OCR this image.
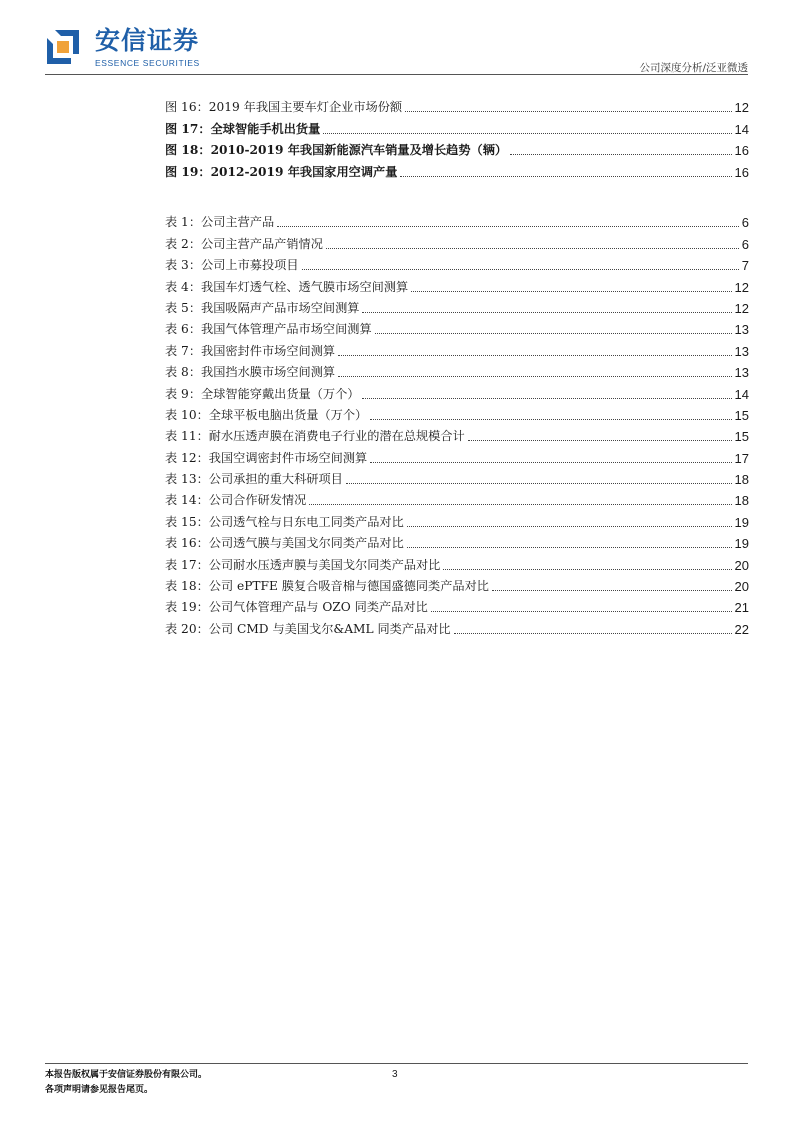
安信证券
ESSENCE SECURITIES	公司深度分析/泛亚微透
图 16：2019 年我国主要车灯企业市场份额	12
图 17：全球智能手机出货量	14
图 18：2010-2019 年我国新能源汽车销量及增长趋势（辆）	16
图 19：2012-2019 年我国家用空调产量	16
表 1：公司主营产品	6
表 2：公司主营产品产销情况	6
表 3：公司上市募投项目	7
表 4：我国车灯透气栓、透气膜市场空间测算	12
表 5：我国吸隔声产品市场空间测算	12
表 6：我国气体管理产品市场空间测算	13
表 7：我国密封件市场空间测算	13
表 8：我国挡水膜市场空间测算	13
表 9：全球智能穿戴出货量（万个）	14
表 10：全球平板电脑出货量（万个）	15
表 11：耐水压透声膜在消费电子行业的潜在总规模合计	15
表 12：我国空调密封件市场空间测算	17
表 13：公司承担的重大科研项目	18
表 14：公司合作研发情况	18
表 15：公司透气栓与日东电工同类产品对比	19
表 16：公司透气膜与美国戈尔同类产品对比	19
表 17：公司耐水压透声膜与美国戈尔同类产品对比	20
表 18：公司 ePTFE 膜复合吸音棉与德国盛德同类产品对比	20
表 19：公司气体管理产品与 OZO 同类产品对比	21
表 20：公司 CMD 与美国戈尔&AML 同类产品对比	22
本报告版权属于安信证券股份有限公司。
各项声明请参见报告尾页。
3
